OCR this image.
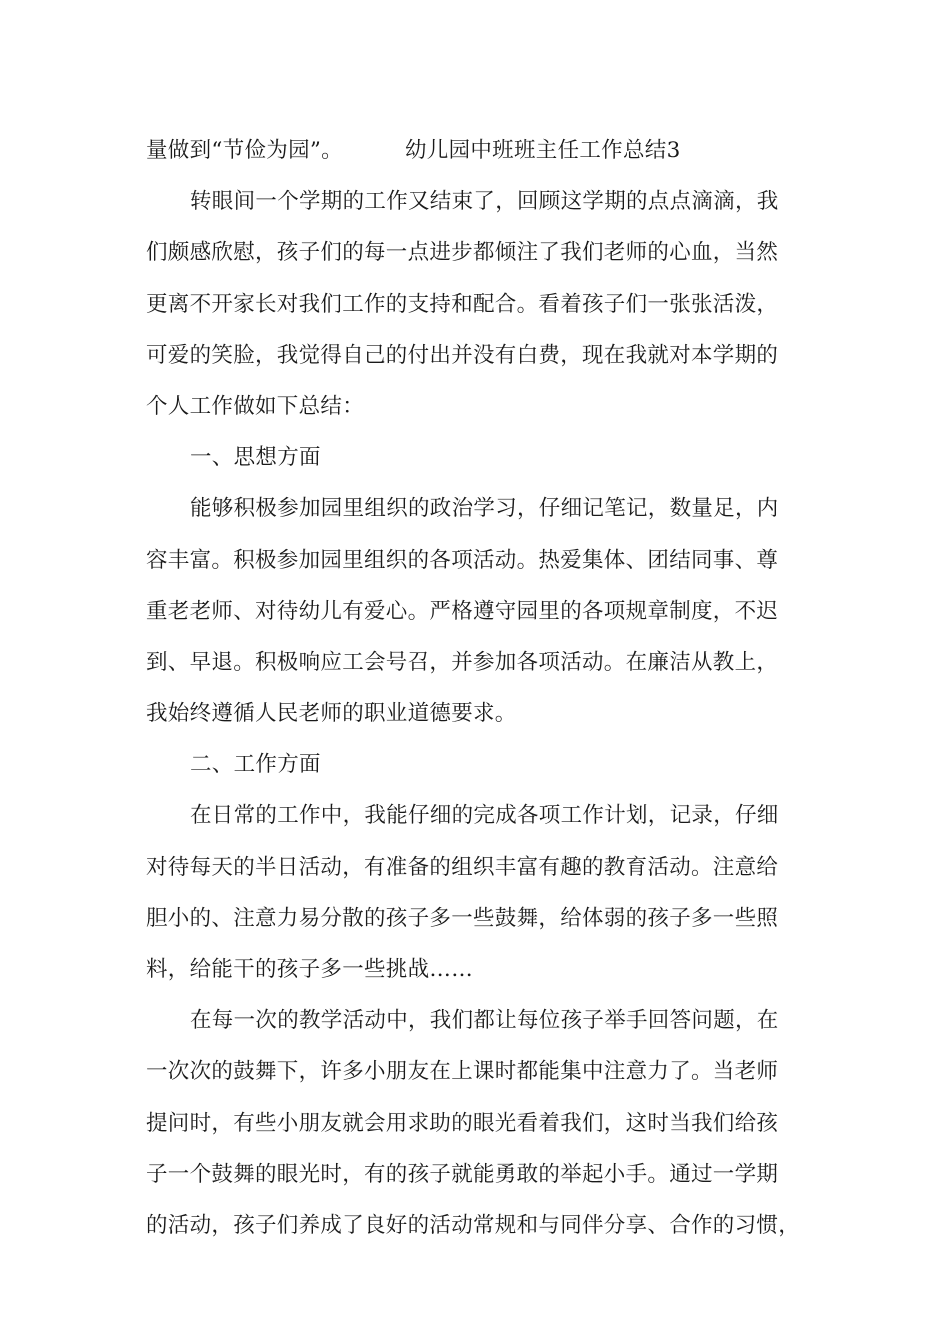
量做到“节俭为园”。	幼儿园中班班主任工作总结3
转眼间一个学期的工作又结束了，回顾这学期的点点滴滴，我
们颇感欣慰，孩子们的每一点进步都倾注了我们老师的心血，当然
更离不开家长对我们工作的支持和配合。看着孩子们一张张活泼，
可爱的笑脸，我觉得自己的付出并没有白费，现在我就对本学期的
个人工作做如下总结：
一、思想方面
能够积极参加园里组织的政治学习，仔细记笔记，数量足，内
容丰富。积极参加园里组织的各项活动。热爱集体、团结同事、尊
重老老师、对待幼儿有爱心。严格遵守园里的各项规章制度，不迟
到、早退。积极响应工会号召，并参加各项活动。在廉洁从教上，
我始终遵循人民老师的职业道德要求。
二、工作方面
在日常的工作中，我能仔细的完成各项工作计划，记录，仔细
对待每天的半日活动，有准备的组织丰富有趣的教育活动。注意给
胆小的、注意力易分散的孩子多一些鼓舞，给体弱的孩子多一些照
料，给能干的孩子多一些挑战……
在每一次的教学活动中，我们都让每位孩子举手回答问题，在
一次次的鼓舞下，许多小朋友在上课时都能集中注意力了。当老师
提问时，有些小朋友就会用求助的眼光看着我们，这时当我们给孩
子一个鼓舞的眼光时，有的孩子就能勇敢的举起小手。通过一学期
的活动，孩子们养成了良好的活动常规和与同伴分享、合作的习惯，
